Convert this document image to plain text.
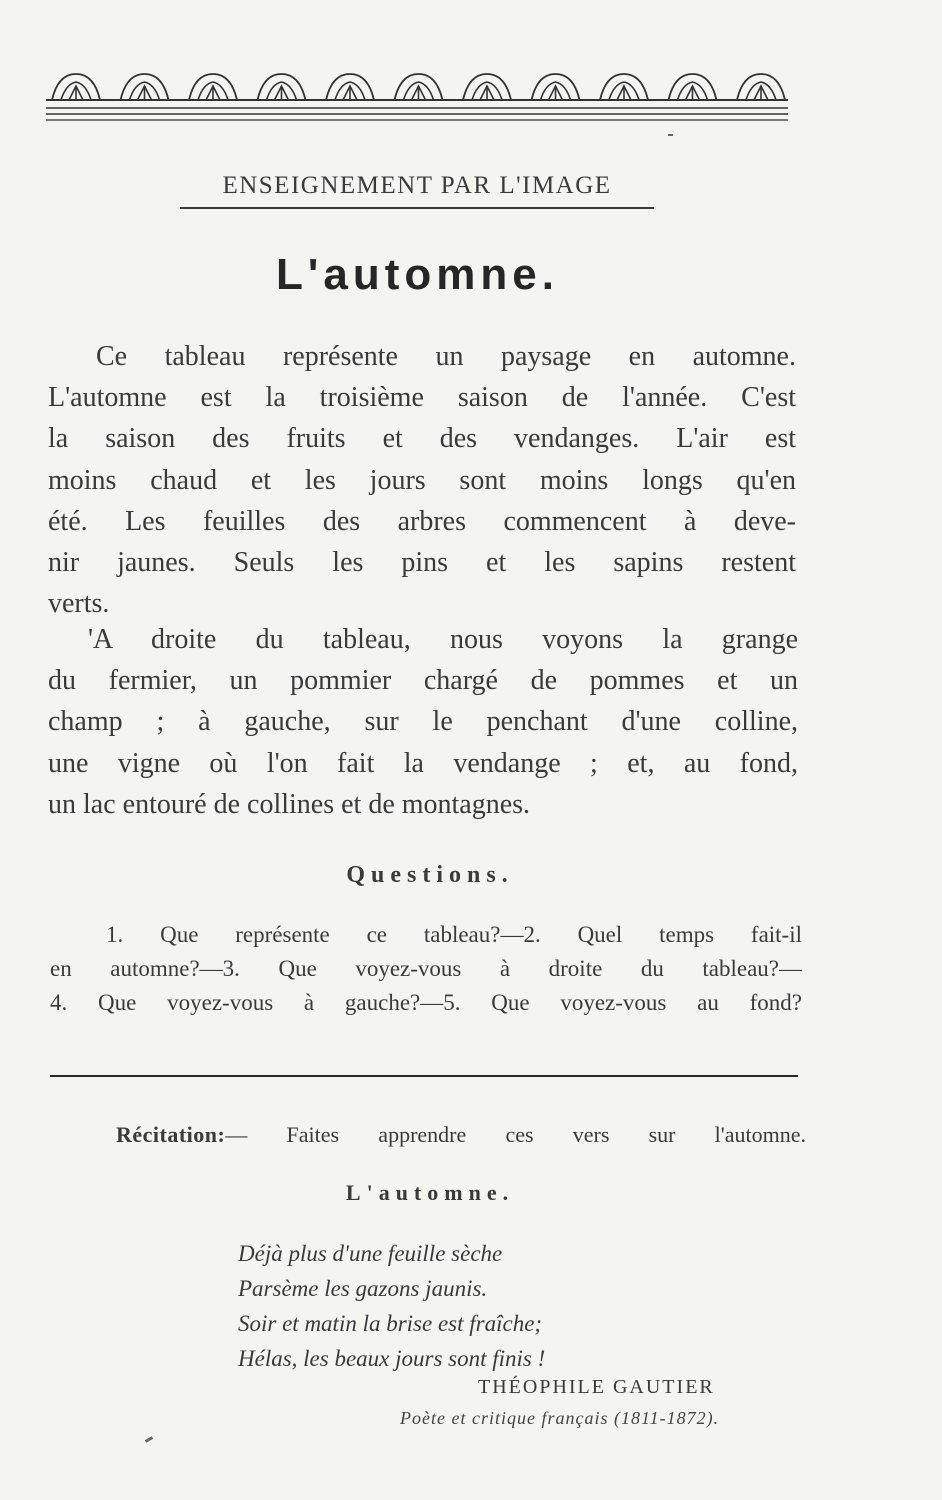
ENSEIGNEMENT PAR L'IMAGE
L'automne.
Ce tableau représente un paysage en automne.
L'automne est la troisième saison de l'année. C'est
la saison des fruits et des vendanges. L'air est
moins chaud et les jours sont moins longs qu'en
été. Les feuilles des arbres commencent à deve-
nir jaunes. Seuls les pins et les sapins restent
verts.
'A droite du tableau, nous voyons la grange
du fermier, un pommier chargé de pommes et un
champ ; à gauche, sur le penchant d'une colline,
une vigne où l'on fait la vendange ; et, au fond,
un lac entouré de collines et de montagnes.
Questions.
1. Que représente ce tableau?—2. Quel temps fait-il
en automne?—3. Que voyez-vous à droite du tableau?—
4. Que voyez-vous à gauche?—5. Que voyez-vous au fond?
Récitation:— Faites apprendre ces vers sur l'automne.
L'automne.
Déjà plus d'une feuille sèche
Parsème les gazons jaunis.
Soir et matin la brise est fraîche;
Hélas, les beaux jours sont finis !
THÉOPHILE GAUTIER
Poète et critique français (1811-1872).
